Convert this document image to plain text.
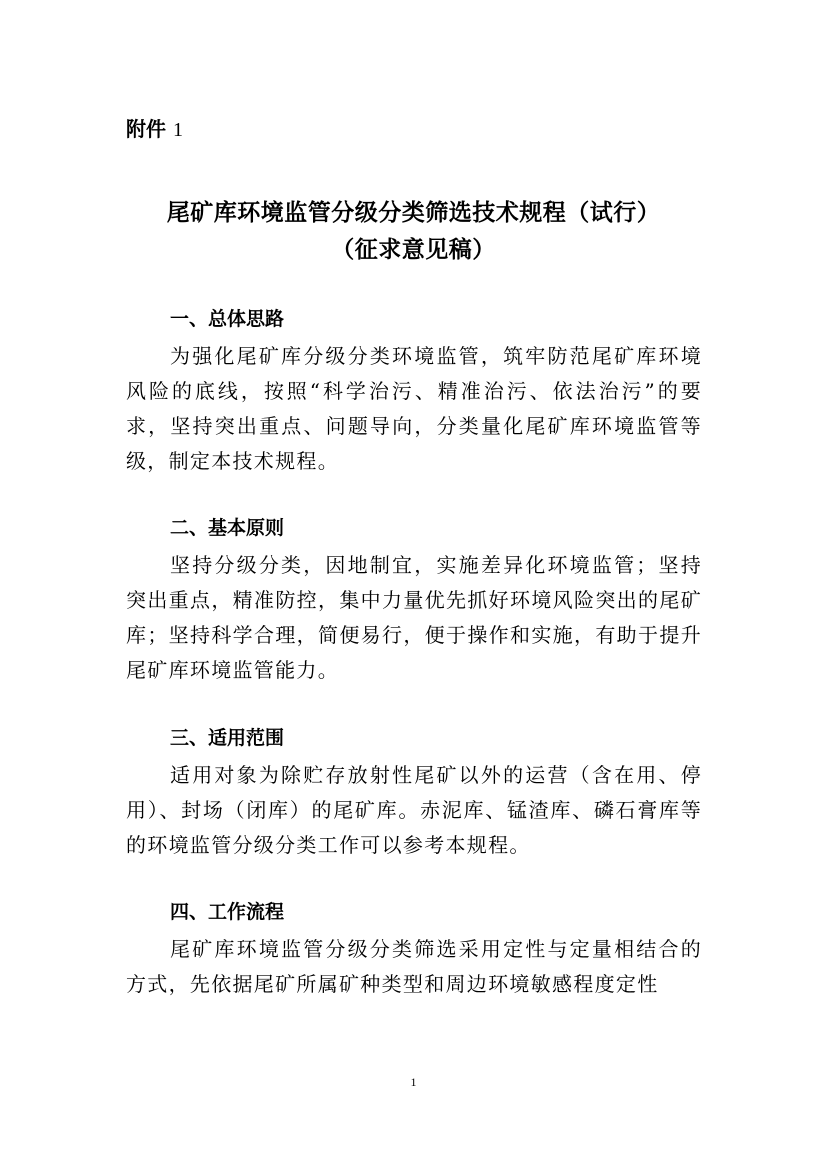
附件 1
尾矿库环境监管分级分类筛选技术规程（试行）
（征求意见稿）
一、总体思路
为强化尾矿库分级分类环境监管，筑牢防范尾矿库环境风险的底线，按照“科学治污、精准治污、依法治污”的要求，坚持突出重点、问题导向，分类量化尾矿库环境监管等级，制定本技术规程。
二、基本原则
坚持分级分类，因地制宜，实施差异化环境监管；坚持突出重点，精准防控，集中力量优先抓好环境风险突出的尾矿库；坚持科学合理，简便易行，便于操作和实施，有助于提升尾矿库环境监管能力。
三、适用范围
适用对象为除贮存放射性尾矿以外的运营（含在用、停用）、封场（闭库）的尾矿库。赤泥库、锰渣库、磷石膏库等的环境监管分级分类工作可以参考本规程。
四、工作流程
尾矿库环境监管分级分类筛选采用定性与定量相结合的方式，先依据尾矿所属矿种类型和周边环境敏感程度定性
1
